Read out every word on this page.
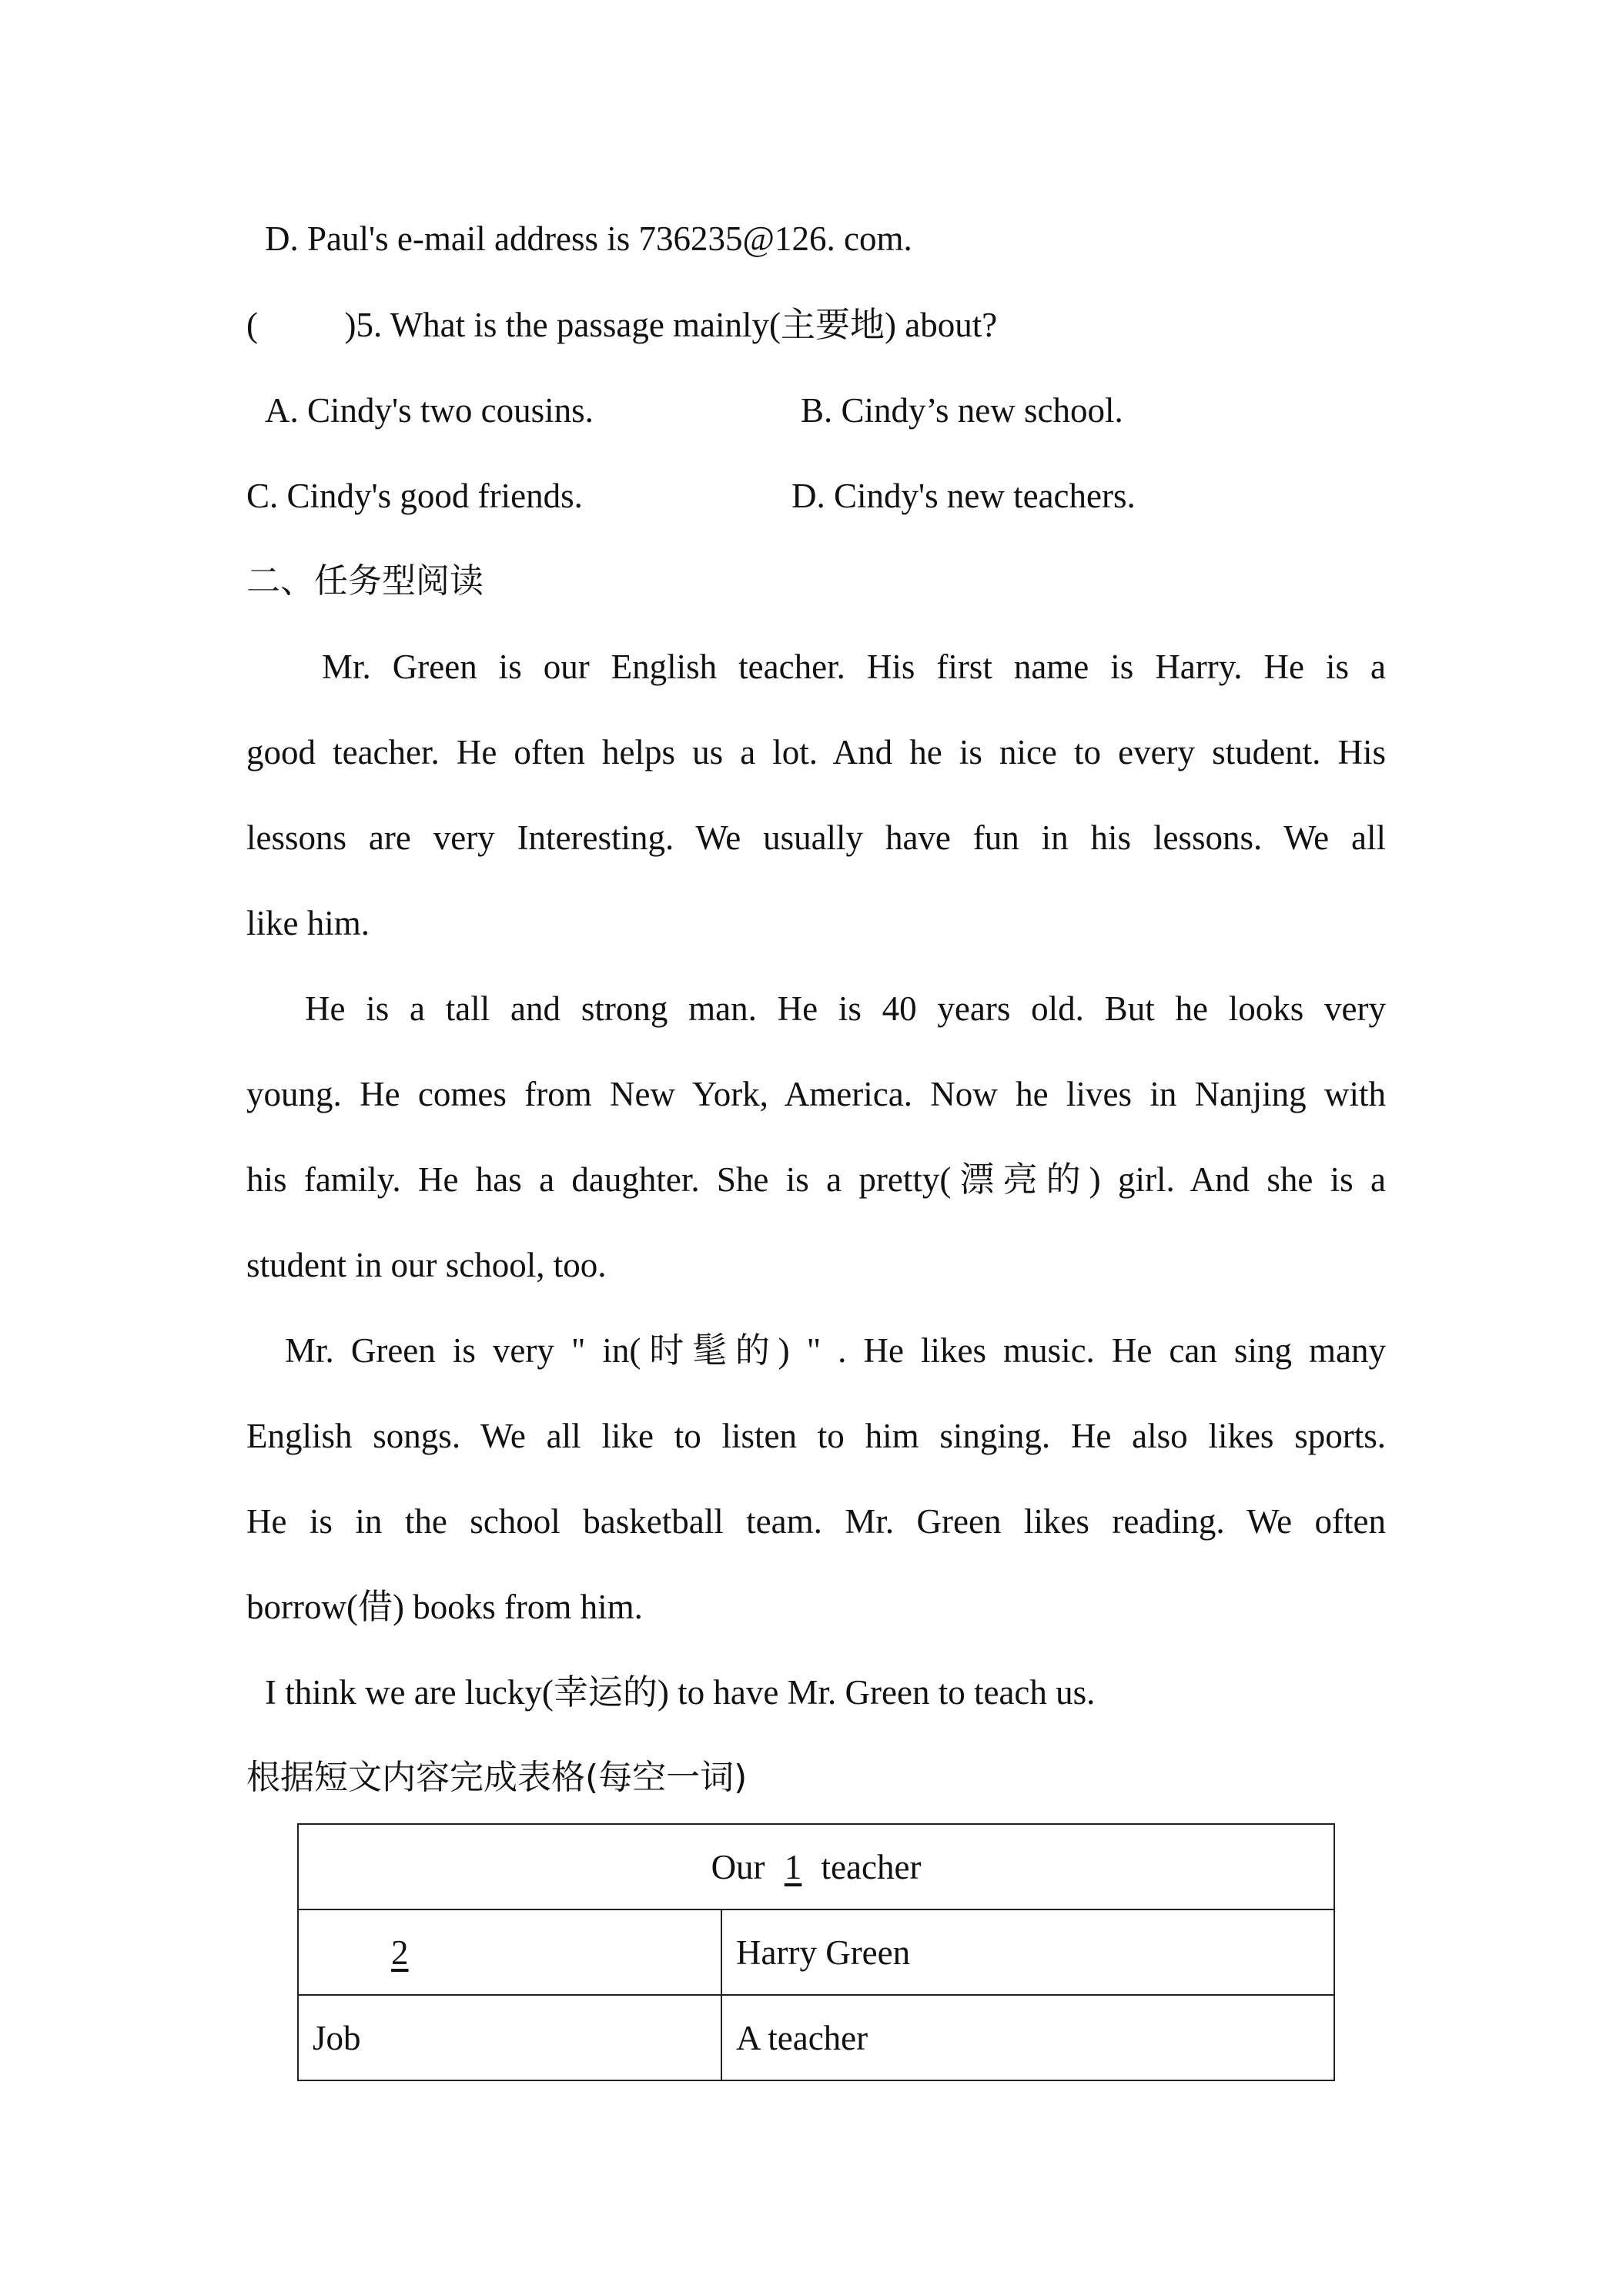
D. Paul's e-mail address is 736235@126. com.
(          )5. What is the passage mainly(主要地) about?
A. Cindy's two cousins.	B. Cindy’s new school.
C. Cindy's good friends.	D. Cindy's new teachers.
二、任务型阅读
Mr. Green is our English teacher. His first name is Harry. He is a
good teacher. He often helps us a lot. And he is nice to every student. His
lessons are very Interesting. We usually have fun in his lessons. We all
like him.
He is a tall and strong man. He is 40 years old. But he looks very
young. He comes from New York, America. Now he lives in Nanjing with
his family. He has a daughter. She is a pretty(漂亮的) girl. And she is a
student in our school, too.
Mr. Green is very " in(时髦的) " . He likes music. He can sing many
English songs. We all like to listen to him singing. He also likes sports.
He is in the school basketball team. Mr. Green likes reading. We often
borrow(借) books from him.
I think we are lucky(幸运的) to have Mr. Green to teach us.
根据短文内容完成表格(每空一词)
Our 1 teacher	
2	Harry Green
Job	A teacher
